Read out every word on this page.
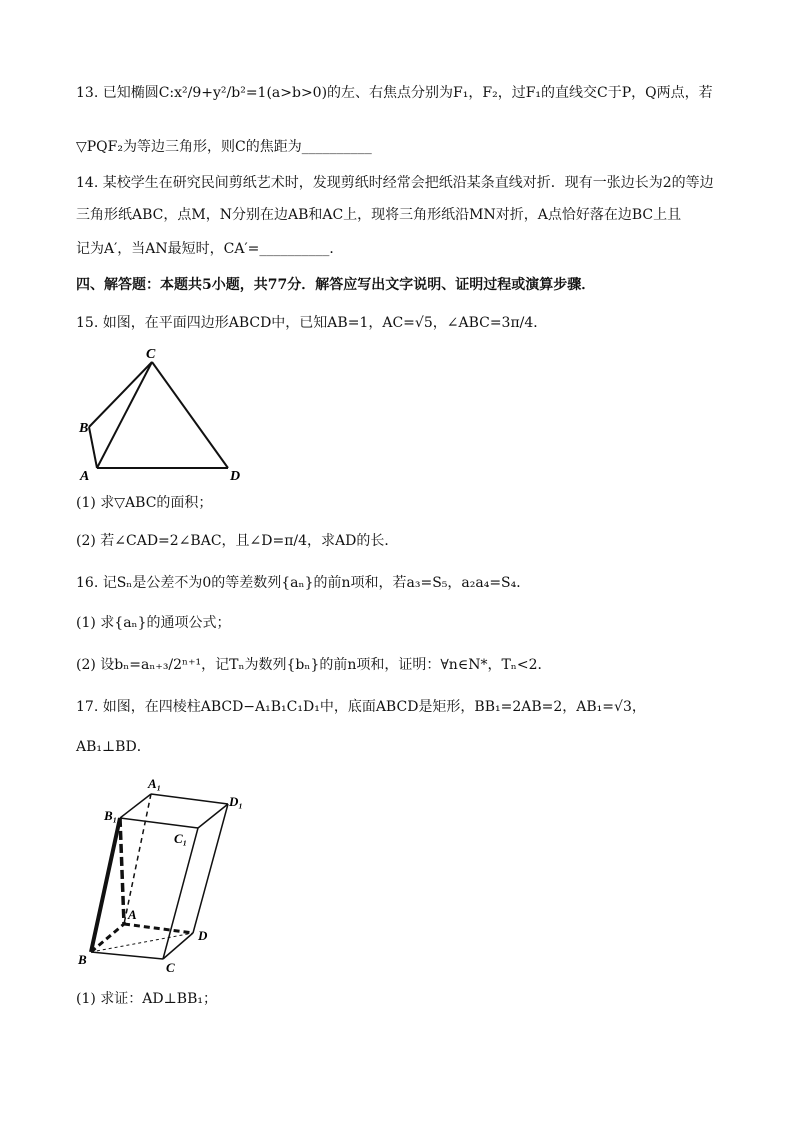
13. 已知椭圆C:x²/9+y²/b²=1(a>b>0)的左、右焦点分别为F₁，F₂，过F₁的直线交C于P，Q两点，若
▽PQF₂为等边三角形，则C的焦距为__________
14. 某校学生在研究民间剪纸艺术时，发现剪纸时经常会把纸沿某条直线对折．现有一张边长为2的等边
三角形纸ABC，点M，N分别在边AB和AC上，现将三角形纸沿MN对折，A点恰好落在边BC上且
记为A′，当AN最短时，CA′=__________．
四、解答题：本题共5小题，共77分．解答应写出文字说明、证明过程或演算步骤．
15. 如图，在平面四边形ABCD中，已知AB=1，AC=√5，∠ABC=3π/4．
C
B
A	D
(1) 求▽ABC的面积；
(2) 若∠CAD=2∠BAC，且∠D=π/4，求AD的长．
16. 记Sₙ是公差不为0的等差数列{aₙ}的前n项和，若a₃=S₅，a₂a₄=S₄．
(1) 求{aₙ}的通项公式；
(2) 设bₙ=aₙ₊₃/2ⁿ⁺¹，记Tₙ为数列{bₙ}的前n项和，证明：∀n∈N*，Tₙ<2．
17. 如图，在四棱柱ABCD−A₁B₁C₁D₁中，底面ABCD是矩形，BB₁=2AB=2，AB₁=√3，
AB₁⊥BD．
A₁
D₁
B₁
C₁
A
D
B
C
(1) 求证：AD⊥BB₁；
